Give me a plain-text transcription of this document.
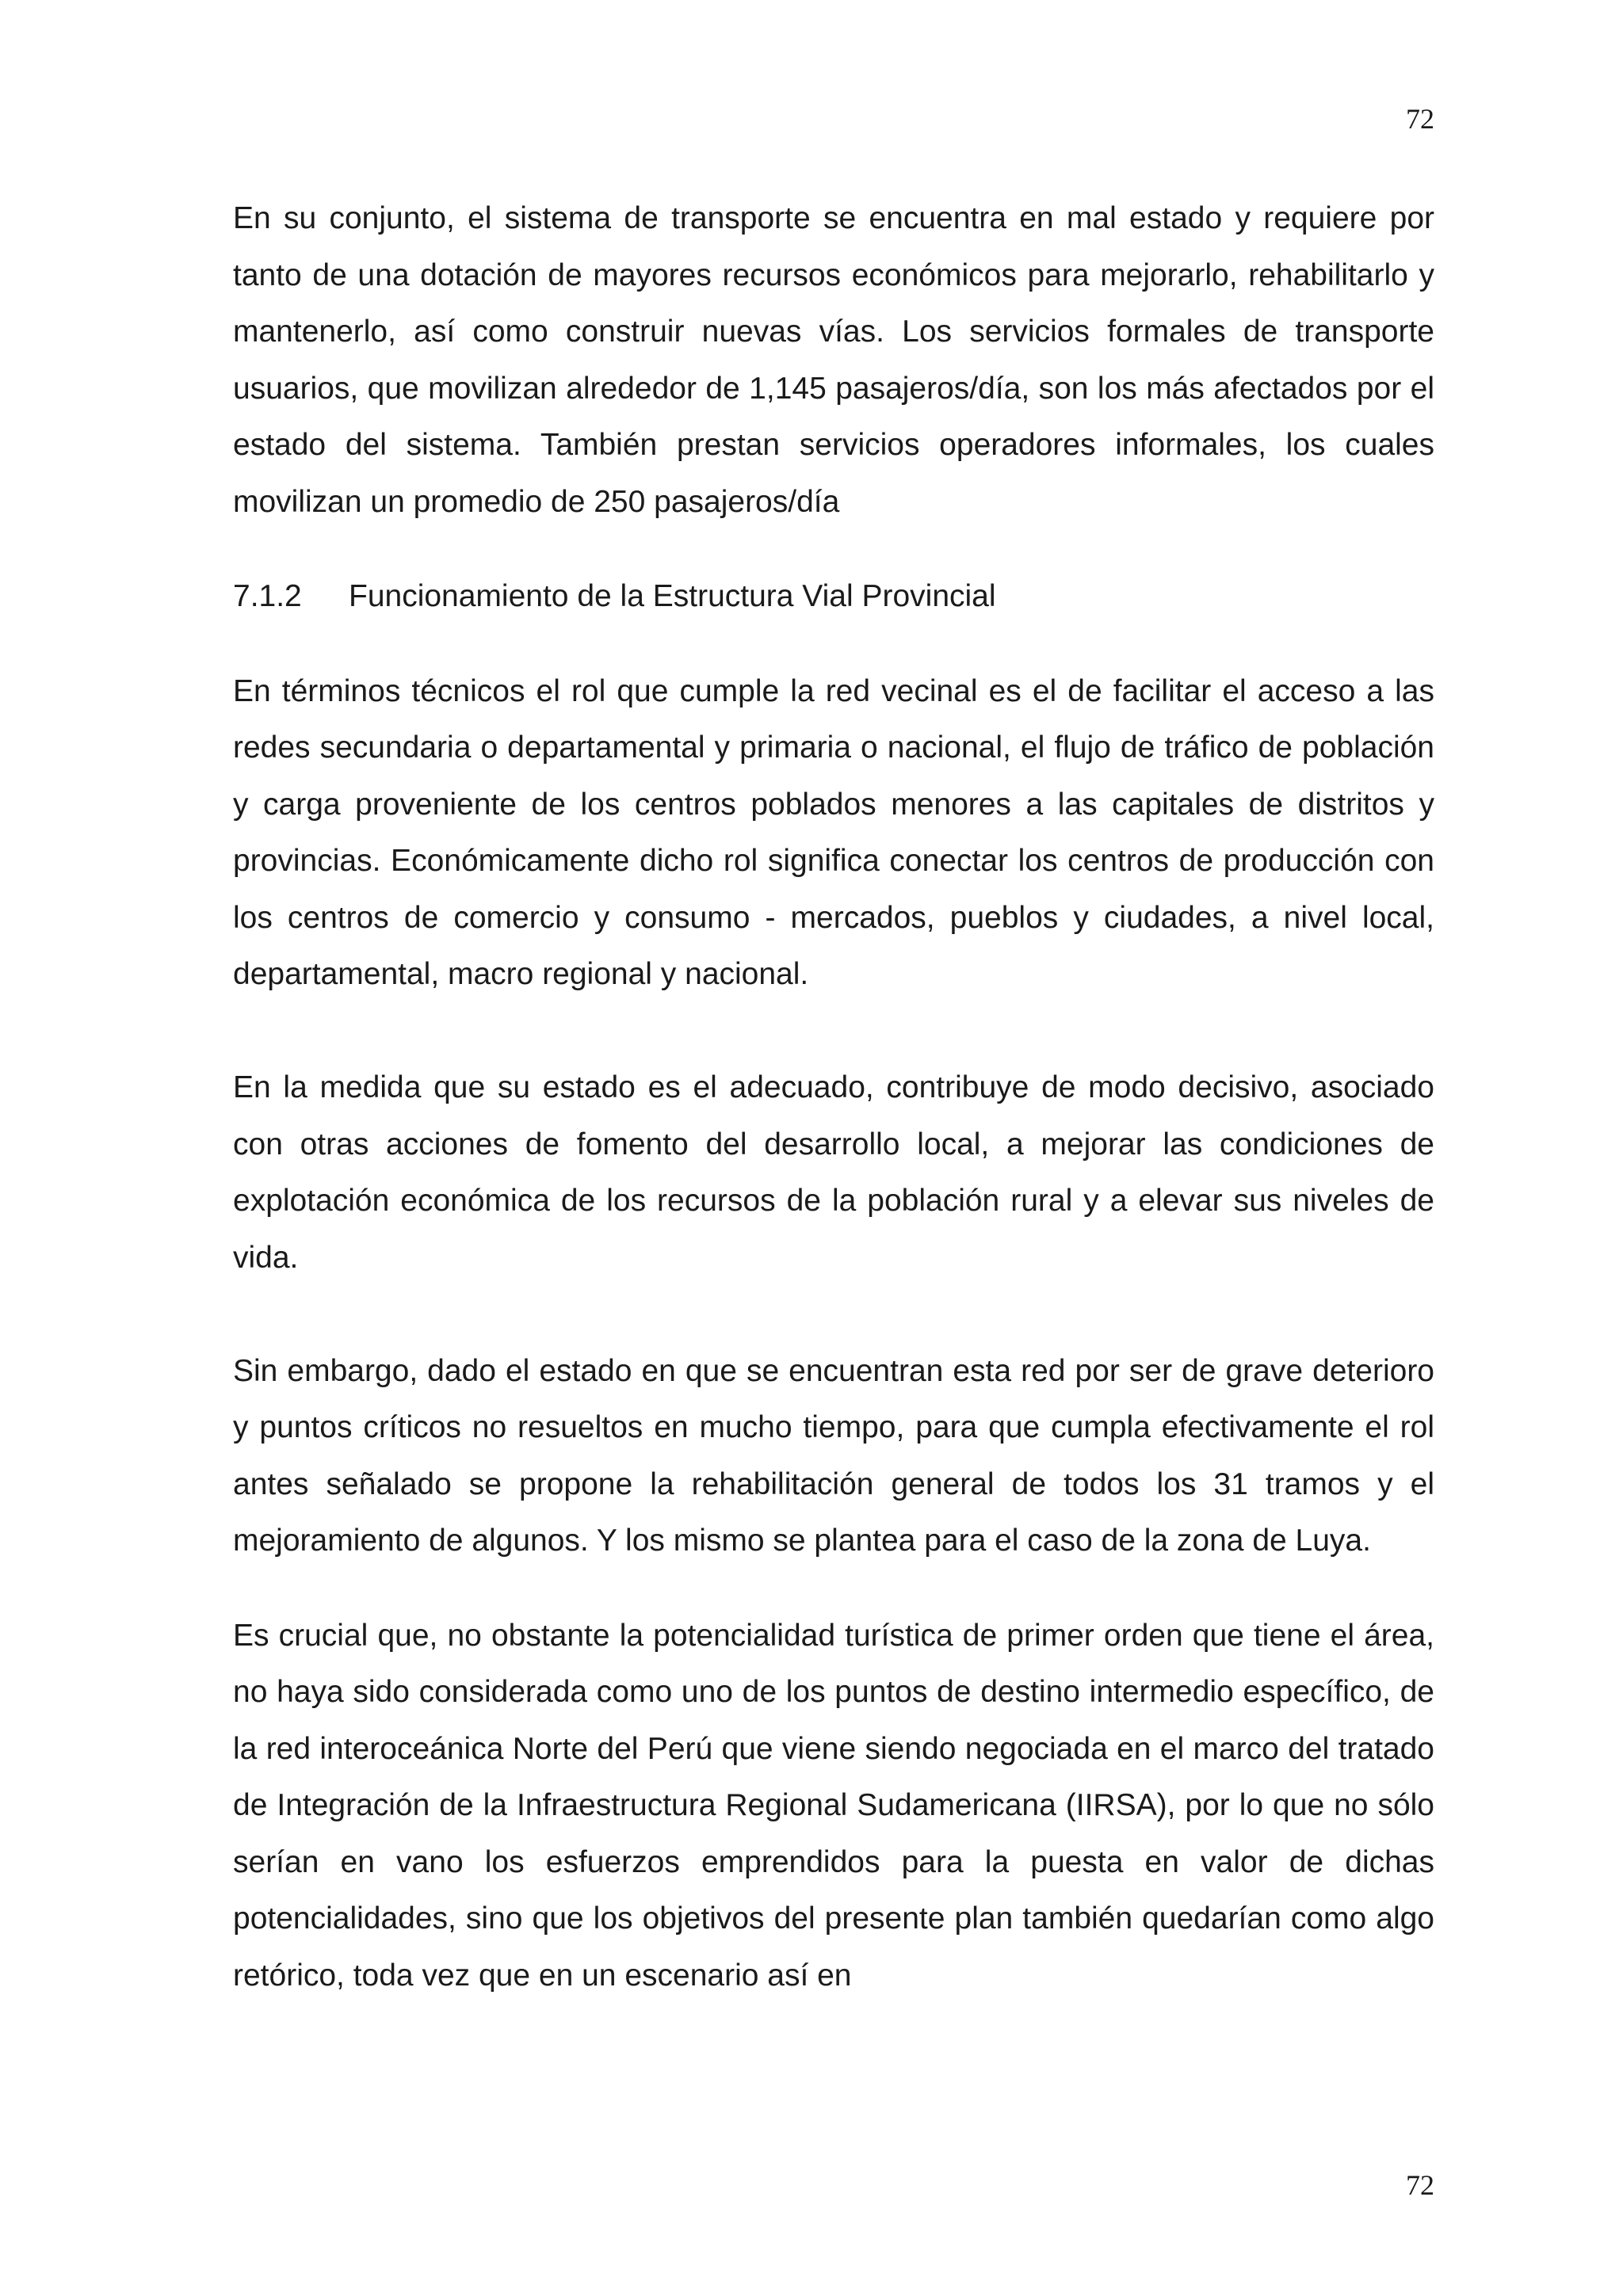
72

En su conjunto, el sistema de transporte se encuentra en mal estado y requiere por tanto de una dotación de mayores recursos económicos para mejorarlo, rehabilitarlo y mantenerlo, así como construir nuevas vías. Los servicios formales de transporte usuarios, que movilizan alrededor de 1,145 pasajeros/día, son los más afectados por el estado del sistema. También prestan servicios operadores informales, los cuales movilizan un promedio de 250 pasajeros/día

7.1.2	Funcionamiento de la Estructura Vial Provincial

En términos técnicos el rol que cumple la red vecinal es el de facilitar el acceso a las redes secundaria o departamental y primaria o nacional, el flujo de tráfico de población y carga proveniente de los centros poblados menores a las capitales de distritos y provincias. Económicamente dicho rol significa conectar los centros de producción con los centros de comercio y consumo - mercados, pueblos y ciudades, a nivel local, departamental, macro regional y nacional.

En la medida que su estado es el adecuado, contribuye de modo decisivo, asociado con otras acciones de fomento del desarrollo local, a mejorar las condiciones de explotación económica de los recursos de la población rural y a elevar sus niveles de vida.

Sin embargo, dado el estado en que se encuentran esta red por ser de grave deterioro y puntos críticos no resueltos en mucho tiempo, para que cumpla efectivamente el rol antes señalado se propone la rehabilitación general de todos los 31 tramos y el mejoramiento de algunos. Y los mismo se plantea para el caso de la zona de Luya.

Es crucial que, no obstante la potencialidad turística de primer orden que tiene el área, no haya sido considerada como uno de los puntos de destino intermedio específico, de la red interoceánica Norte del Perú que viene siendo negociada en el marco del tratado de Integración de la Infraestructura Regional Sudamericana (IIRSA), por lo que no sólo serían en vano los esfuerzos emprendidos para la puesta en valor de dichas potencialidades, sino que los objetivos del presente plan también quedarían como algo retórico, toda vez que en un escenario así en

72
